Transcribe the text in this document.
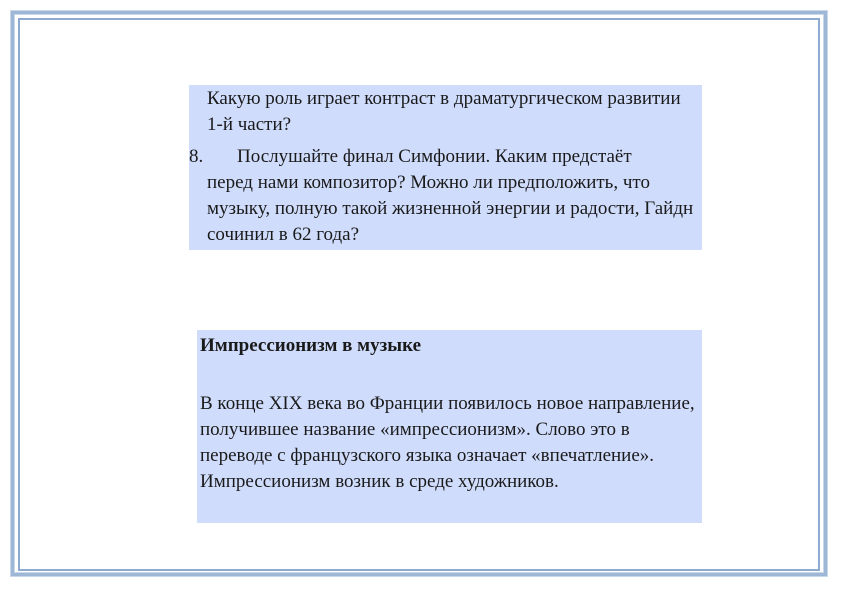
Какую роль играет контраст в драматургическом развитии 1-й части?

8. Послушайте финал Симфонии. Каким предстаёт

перед нами композитор? Можно ли предположить, что музыку, полную такой жизненной энергии и радости, Гайдн сочинил в 62 года?

Импрессионизм в музыке

В конце XIX века во Франции появилось новое направление, получившее название «импрессионизм». Слово это в переводе с французского языка означает «впечатление». Импрессионизм возник в среде художников.
